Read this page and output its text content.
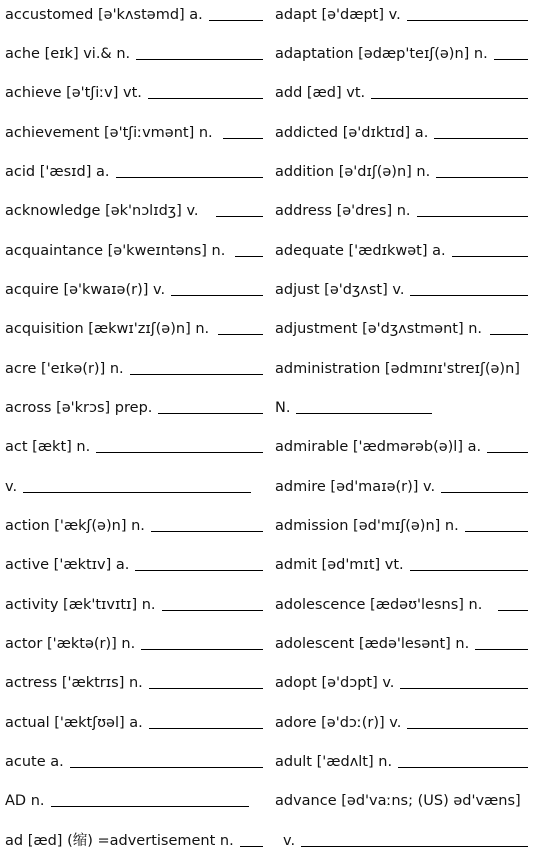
accustomed [ə'kʌstəmd] a.
ache [eɪk] vi.& n.
achieve [ə'tʃiːv] vt.
achievement [ə'tʃiːvmənt] n.
acid ['æsɪd] a.
acknowledge [ək'nɔlɪdʒ] v.
acquaintance [ə'kweɪntəns] n.
acquire [ə'kwaɪə(r)] v.
acquisition [ækwɪ'zɪʃ(ə)n] n.
acre ['eɪkə(r)] n.
across [ə'krɔs] prep.
act [ækt] n.
v.
action ['ækʃ(ə)n] n.
active ['æktɪv] a.
activity [æk'tɪvɪtɪ] n.
actor ['æktə(r)] n.
actress ['æktrɪs] n.
actual ['æktʃʊəl] a.
acute a.
AD n.
ad [æd] (缩) =advertisement n.
adapt [ə'dæpt] v.
adaptation [ədæp'teɪʃ(ə)n] n.
add [æd] vt.
addicted [ə'dɪktɪd] a.
addition [ə'dɪʃ(ə)n] n.
address [ə'dres] n.
adequate ['ædɪkwət] a.
adjust [ə'dʒʌst] v.
adjustment [ə'dʒʌstmənt] n.
administration [ədmɪnɪ'streɪʃ(ə)n]
N.
admirable ['ædmərəb(ə)l] a.
admire [əd'maɪə(r)] v.
admission [əd'mɪʃ(ə)n] n.
admit [əd'mɪt] vt.
adolescence [ædəʊ'lesns] n.
adolescent [ædə'lesənt] n.
adopt [ə'dɔpt] v.
adore [ə'dɔː(r)] v.
adult ['ædʌlt] n.
advance [əd'vaːns; (US) əd'væns]
v.
